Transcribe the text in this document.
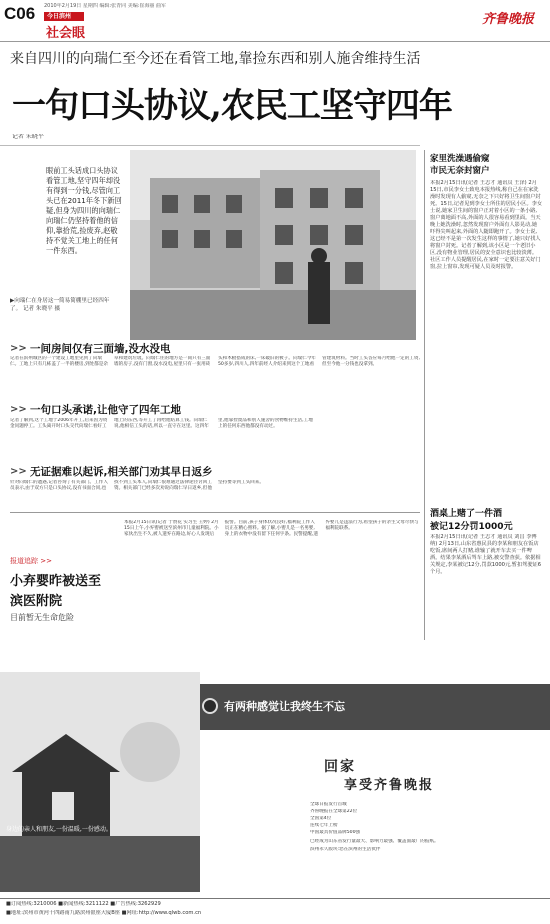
C06 2010年2月19日 星期四 编辑:张青同 美编:崔海丽 曲军
今日滨州
社会眼
齐鲁晚报
来自四川的向瑞仁至今还在看管工地,靠捡东西和别人施舍维持生活
一句口头协议,农民工坚守四年
记者 朱晓平
眼前工头话成口头协议看管工地,坚守四年却没有得到一分钱,尽管向工头已在2011年冬下新回疑,但身为四川的向瑞仁向瑞仁仍坚持着他的信仰,靠拾荒,捡废弃,赵敬持不觉关工地上的任何一件东西。
▶向瑞仁在身居这一简易简棚里已经四年了。 记者 朱晓平 摄
家里洗澡遇偷窥
市民无奈封窗户
本报2月15日讯(记者 王志才 通讯员 王泽) 2月15日,市民李女士致电本报热线,称自己在在家洗澡时发现有人偷窥,无奈之下只好将卫生间窗户封死。15日,记者见到李女士所住的居民小区。李女士说,她家卫生间的窗户正对着小区的一条小路,窗户离地面不高,外面的人很容易看到里面。当天晚上她洗澡时,忽然发现窗户外面有人影晃动,她吓得尖叫起来,外面的人随即跑开了。李女士说,这已经不是第一次发生这样的事情了,她只好找人将窗户封死。记者了解到,该小区是一个老旧小区,没有物业管理,居民的安全意识也比较淡薄。社区工作人员提醒居民,在家时一定要注意关好门窗,拉上窗帘,发现可疑人员及时报警。
酒桌上赌了一件酒
被记12分罚1000元
本报2月15日讯(记者 王志才 通讯员 刘昌 李博纳) 2月13日,山东省惠民县的李某和朋友在饭店吃饭,席间两人打赌,谁输了就开车去买一件啤酒。结果李某酒后驾车上路,被交警查获。依据相关规定,李某被记12分,罚款1000元,暂扣驾驶证6个月。
>> 一间房间仅有三面墙,没水没电
记者在滨州城区的一个建设工地里见到了向瑞仁。工地上只有几栋盖了一半的楼房,到处都是杂草和建筑垃圾。向瑞仁住的地方是一间只有三面墙的房子,没有门窗,没水没电,屋里只有一张用砖头和木板搭成的床,一床破旧的被子。向瑞仁今年50多岁,四川人,四年前经人介绍来到这个工地看管建筑材料。当时工头答应每月给他一定的工资,但至今他一分钱也没拿到。
>> 一句口头承诺,让他守了四年工地
记者了解到,这个工地于2006年开工,后来因为资金问题停工。工头离开时口头交代向瑞仁看好工地上的东西,等开工了再给他结算工钱。向瑞仁说,他相信工头的话,所以一直守在这里。这四年里,他靠捡废品和别人施舍的食物维持生活,工地上的任何东西他都没有动过。
>> 无证据难以起诉,相关部门劝其早日返乡
针对向瑞仁的遭遇,记者咨询了有关部门。工作人员表示,由于双方只是口头协议,没有书面合同,也找不到工头本人,向瑞仁很难通过法律途径讨回工资。相关部门已经多次劝说向瑞仁早日返乡,但他坚持要等到工头回来。
报道追踪 >>
小弃婴昨被送至
滨医附院
目前暂无生命危险
本报2月15日讯(记者 于赞花 实习生 王婷) 2月15日上午,小弃婴被送至滨州市儿童福利院。小家伙出生不久,被人遗弃在路边,好心人发现后报警。目前,孩子身体状况良好,福利院工作人员正在精心照料。据了解,小婴儿是一名男婴,身上的衣物中没有留下任何字条。民警提醒,遗弃婴儿是违法行为,希望孩子的亲生父母尽快与福利院联系。
有两种感觉让我终生不忘
身边的亲人和朋友,一份温暖,一份感动。
回家
享受齐鲁晚报
全球日报发行首城
齐鲁晚报在全球第22位
全国第4位
连续七年上榜
中国最具价值品牌500强
已经成为山东省发行量最大、影响力最强、覆盖面最广的报纸。
滨州永久版块:您在滨州的生活伙伴
■订阅热线:3210006 ■新闻热线:3211122 ■广告热线:3262929
■地址:滨州市黄河十四路南九路滨州银座大厦B座 ■网址:http://www.qlwb.com.cn
